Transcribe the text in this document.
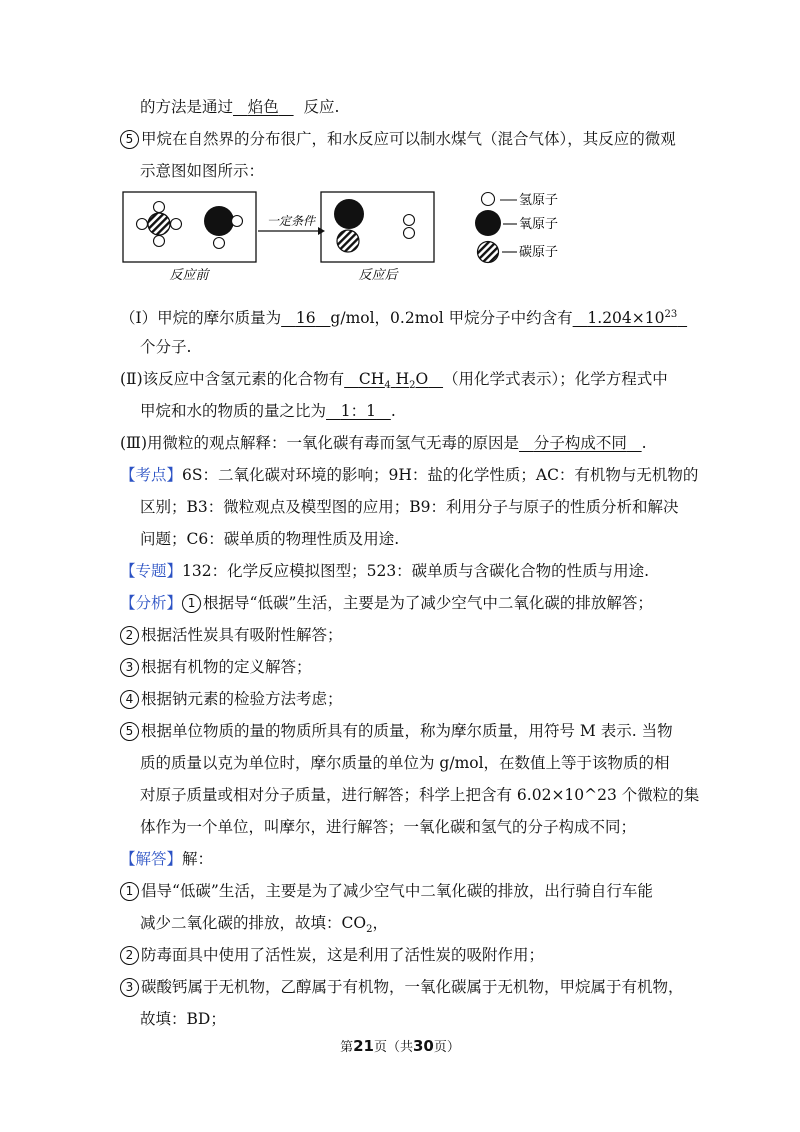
的方法是通过 焰色 反应.
5 甲烷在自然界的分布很广，和水反应可以制水煤气（混合气体），其反应的微观
示意图如图所示：
一定条件
反应前	反应后
氢原子
氧原子
碳原子
（Ⅰ）甲烷的摩尔质量为 16 g/mol，0.2mol 甲烷分子中约含有 $1.204\times 10^{23}$
个分子.
(Ⅱ)该反应中含氢元素的化合物有 $CH_4$ $H_2O$ （用化学式表示）；化学方程式中
甲烷和水的物质的量之比为 1：1 .
(Ⅲ)用微粒的观点解释：一氧化碳有毒而氢气无毒的原因是 分子构成不同 .
【考点】6S：二氧化碳对环境的影响；9H：盐的化学性质；AC：有机物与无机物的
区别；B3：微粒观点及模型图的应用；B9：利用分子与原子的性质分析和解决
问题；C6：碳单质的物理性质及用途.
【专题】132：化学反应模拟图型；523：碳单质与含碳化合物的性质与用途.
【分析】 1 根据导“低碳”生活，主要是为了减少空气中二氧化碳的排放解答；
2 根据活性炭具有吸附性解答；
3 根据有机物的定义解答；
4 根据钠元素的检验方法考虑；
5 根据单位物质的量的物质所具有的质量，称为摩尔质量，用符号 M 表示. 当物
质的质量以克为单位时，摩尔质量的单位为 g/mol，在数值上等于该物质的相
对原子质量或相对分子质量，进行解答；科学上把含有 6.02×10^23 个微粒的集
体作为一个单位，叫摩尔，进行解答；一氧化碳和氢气的分子构成不同；
【解答】解：
1 倡导“低碳”生活，主要是为了减少空气中二氧化碳的排放，出行骑自行车能
减少二氧化碳的排放，故填：$CO_2$，
2 防毒面具中使用了活性炭，这是利用了活性炭的吸附作用；
3 碳酸钙属于无机物，乙醇属于有机物，一氧化碳属于无机物，甲烷属于有机物，
故填：BD；
第21页（共30页）
